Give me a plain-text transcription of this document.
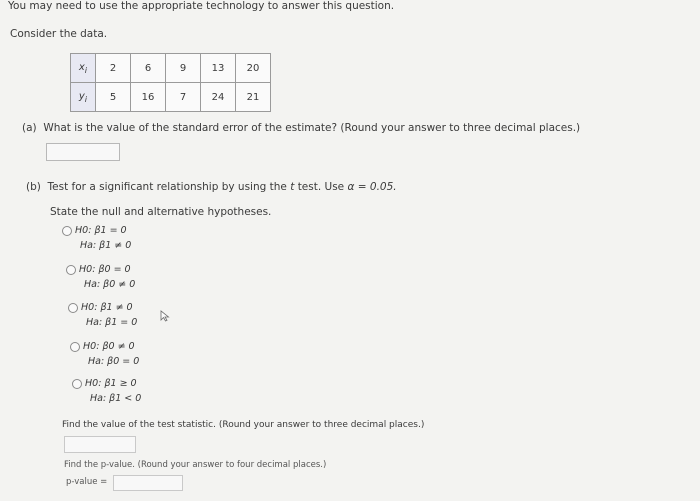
You may need to use the appropriate technology to answer this question.
Consider the data.
$x_i$	2	6	9	13	20
$y_i$	5	16	7	24	21
(a) What is the value of the standard error of the estimate? (Round your answer to three decimal places.)
(b) Test for a significant relationship by using the t test. Use α = 0.05.
State the null and alternative hypotheses.
H0: β1 = 0
Ha: β1 ≠ 0
H0: β0 = 0
Ha: β0 ≠ 0
H0: β1 ≠ 0
Ha: β1 = 0
H0: β0 ≠ 0
Ha: β0 = 0
H0: β1 ≥ 0
Ha: β1 < 0
Find the value of the test statistic. (Round your answer to three decimal places.)
Find the p-value. (Round your answer to four decimal places.)
p-value =
